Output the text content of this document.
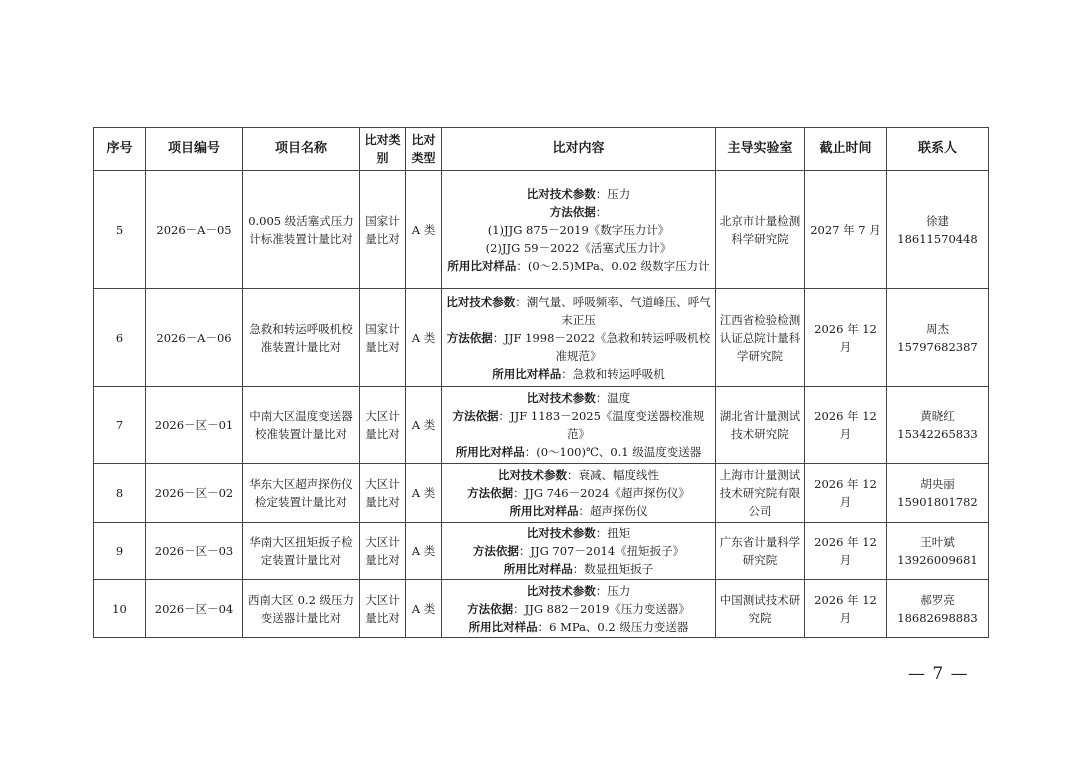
序号	项目编号	项目名称	比对类别	比对类型	比对内容	主导实验室	截止时间	联系人
5	2026－A－05	0.005 级活塞式压力计标准装置计量比对	国家计量比对	A 类	比对技术参数：压力
方法依据：
(1)JJG 875－2019《数字压力计》
(2)JJG 59－2022《活塞式压力计》
所用比对样品：(0～2.5)MPa、0.02 级数字压力计	北京市计量检测科学研究院	2027 年 7 月	徐建
18611570448

6	2026－A－06	急救和转运呼吸机校准装置计量比对	国家计量比对	A 类	比对技术参数：潮气量、呼吸频率、气道峰压、呼气末正压
方法依据：JJF 1998－2022《急救和转运呼吸机校准规范》
所用比对样品：急救和转运呼吸机	江西省检验检测认证总院计量科学研究院	2026 年 12 月	周杰
15797682387

7	2026－区－01	中南大区温度变送器校准装置计量比对	大区计量比对	A 类	比对技术参数：温度
方法依据：JJF 1183－2025《温度变送器校准规范》
所用比对样品：(0～100)℃、0.1 级温度变送器	湖北省计量测试技术研究院	2026 年 12 月	黄晓红
15342265833

8	2026－区－02	华东大区超声探伤仪检定装置计量比对	大区计量比对	A 类	比对技术参数：衰减、幅度线性
方法依据：JJG 746－2024《超声探伤仪》
所用比对样品：超声探伤仪	上海市计量测试技术研究院有限公司	2026 年 12 月	胡央丽
15901801782

9	2026－区－03	华南大区扭矩扳子检定装置计量比对	大区计量比对	A 类	比对技术参数：扭矩
方法依据：JJG 707－2014《扭矩扳子》
所用比对样品：数显扭矩扳子	广东省计量科学研究院	2026 年 12 月	王叶斌
13926009681

10	2026－区－04	西南大区 0.2 级压力变送器计量比对	大区计量比对	A 类	比对技术参数：压力
方法依据：JJG 882－2019《压力变送器》
所用比对样品：6 MPa、0.2 级压力变送器	中国测试技术研究院	2026 年 12 月	郝罗亮
18682698883
— 7 —
